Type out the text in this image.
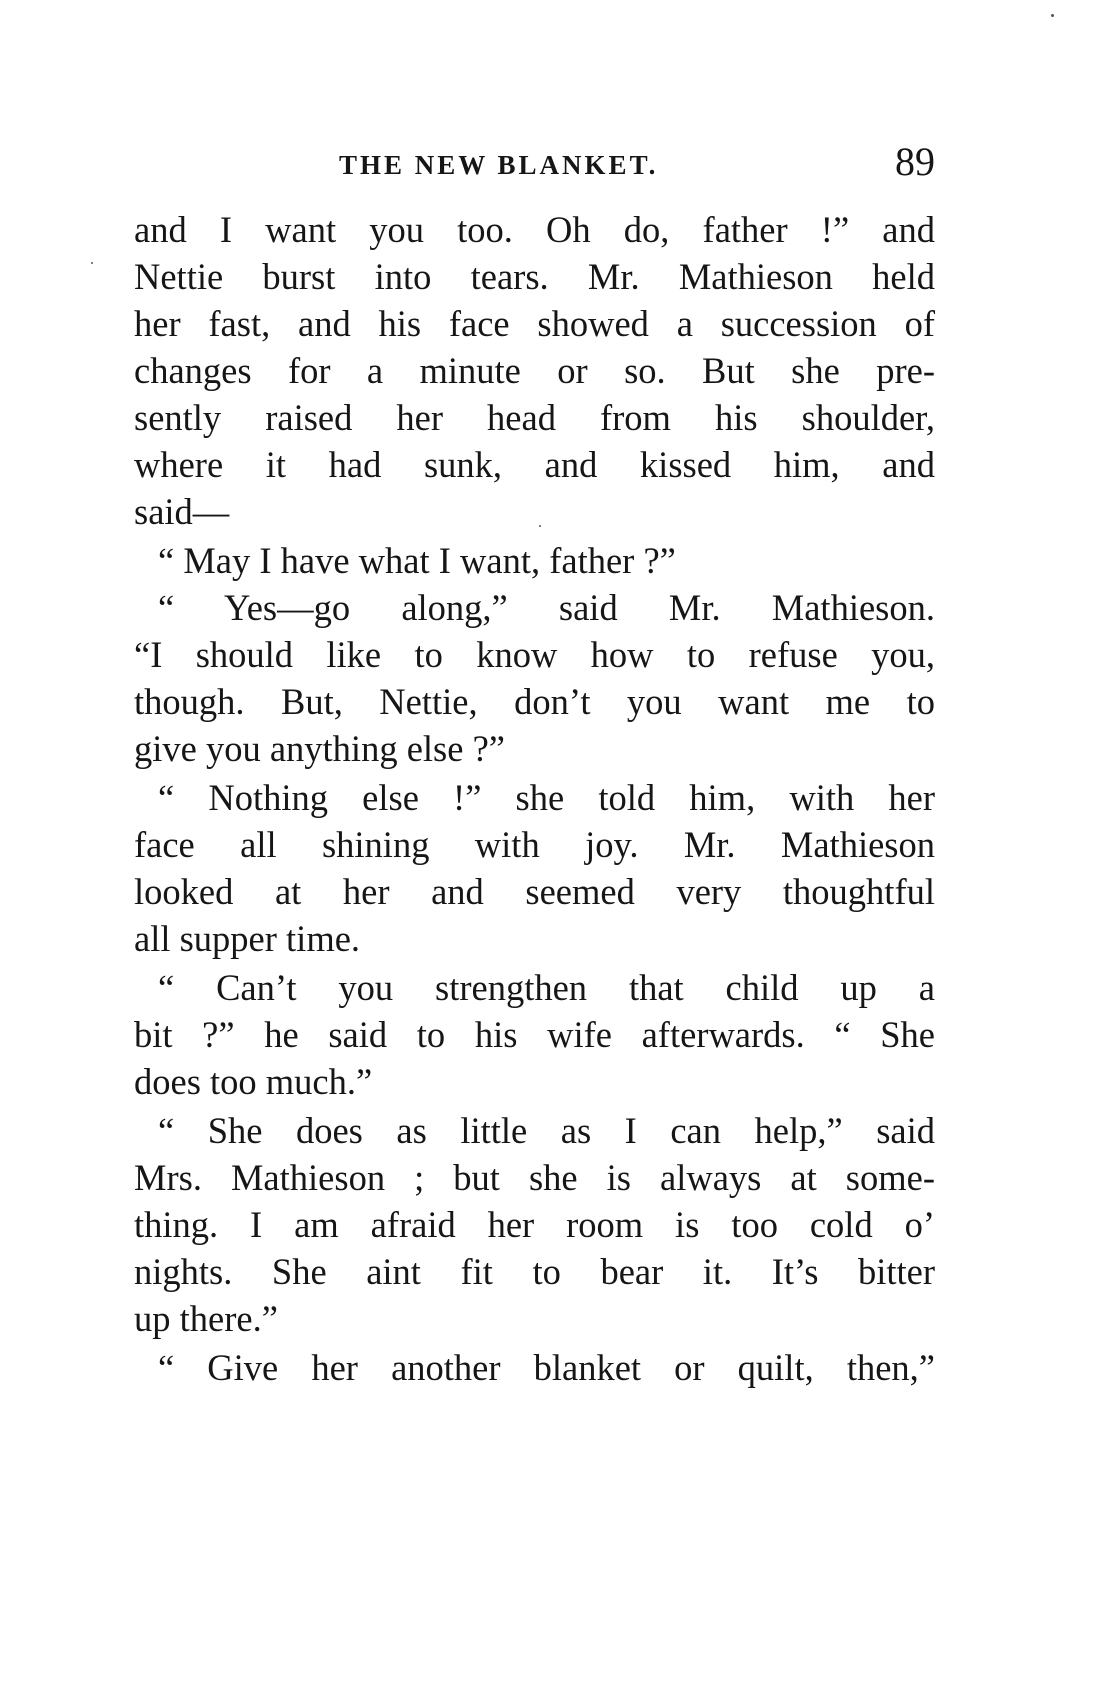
THE NEW BLANKET.	89
and I want you too. Oh do, father !” and
Nettie burst into tears. Mr. Mathieson held
her fast, and his face showed a succession of
changes for a minute or so. But she pre-
sently raised her head from his shoulder,
where it had sunk, and kissed him, and
said—
“ May I have what I want, father ?”
“ Yes—go along,” said Mr. Mathieson.
“I should like to know how to refuse you,
though. But, Nettie, don’t you want me to
give you anything else ?”
“ Nothing else !” she told him, with her
face all shining with joy. Mr. Mathieson
looked at her and seemed very thoughtful
all supper time.
“ Can’t you strengthen that child up a
bit ?” he said to his wife afterwards. “ She
does too much.”
“ She does as little as I can help,” said
Mrs. Mathieson ; but she is always at some-
thing. I am afraid her room is too cold o’
nights. She aint fit to bear it. It’s bitter
up there.”
“ Give her another blanket or quilt, then,”
